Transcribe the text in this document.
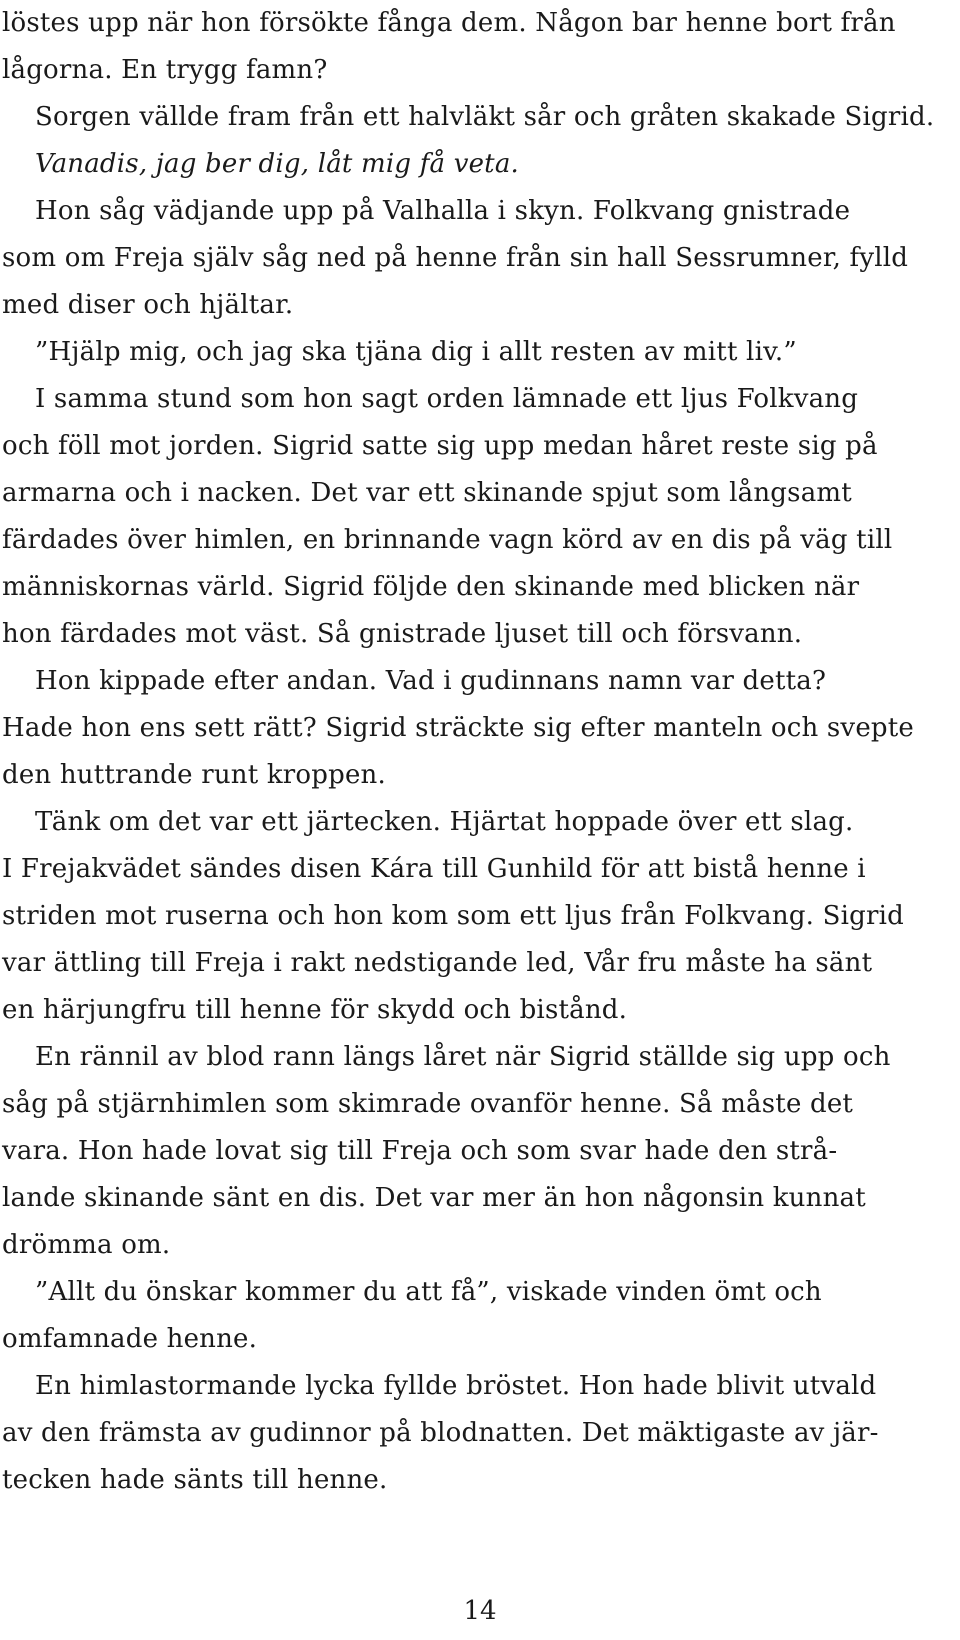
löstes upp när hon försökte fånga dem. Någon bar henne bort från
lågorna. En trygg famn?
Sorgen vällde fram från ett halvläkt sår och gråten skakade Sigrid.
Vanadis, jag ber dig, låt mig få veta.
Hon såg vädjande upp på Valhalla i skyn. Folkvang gnistrade
som om Freja själv såg ned på henne från sin hall Sessrumner, fylld
med diser och hjältar.
”Hjälp mig, och jag ska tjäna dig i allt resten av mitt liv.”
I samma stund som hon sagt orden lämnade ett ljus Folkvang
och föll mot jorden. Sigrid satte sig upp medan håret reste sig på
armarna och i nacken. Det var ett skinande spjut som långsamt
färdades över himlen, en brinnande vagn körd av en dis på väg till
människornas värld. Sigrid följde den skinande med blicken när
hon färdades mot väst. Så gnistrade ljuset till och försvann.
Hon kippade efter andan. Vad i gudinnans namn var detta?
Hade hon ens sett rätt? Sigrid sträckte sig efter manteln och svepte
den huttrande runt kroppen.
Tänk om det var ett järtecken. Hjärtat hoppade över ett slag.
I Frejakvädet sändes disen Kára till Gunhild för att bistå henne i
striden mot ruserna och hon kom som ett ljus från Folkvang. Sigrid
var ättling till Freja i rakt nedstigande led, Vår fru måste ha sänt
en härjungfru till henne för skydd och bistånd.
En rännil av blod rann längs låret när Sigrid ställde sig upp och
såg på stjärnhimlen som skimrade ovanför henne. Så måste det
vara. Hon hade lovat sig till Freja och som svar hade den strå-
lande skinande sänt en dis. Det var mer än hon någonsin kunnat
drömma om.
”Allt du önskar kommer du att få”, viskade vinden ömt och
omfamnade henne.
En himlastormande lycka fyllde bröstet. Hon hade blivit utvald
av den främsta av gudinnor på blodnatten. Det mäktigaste av jär-
tecken hade sänts till henne.
14
